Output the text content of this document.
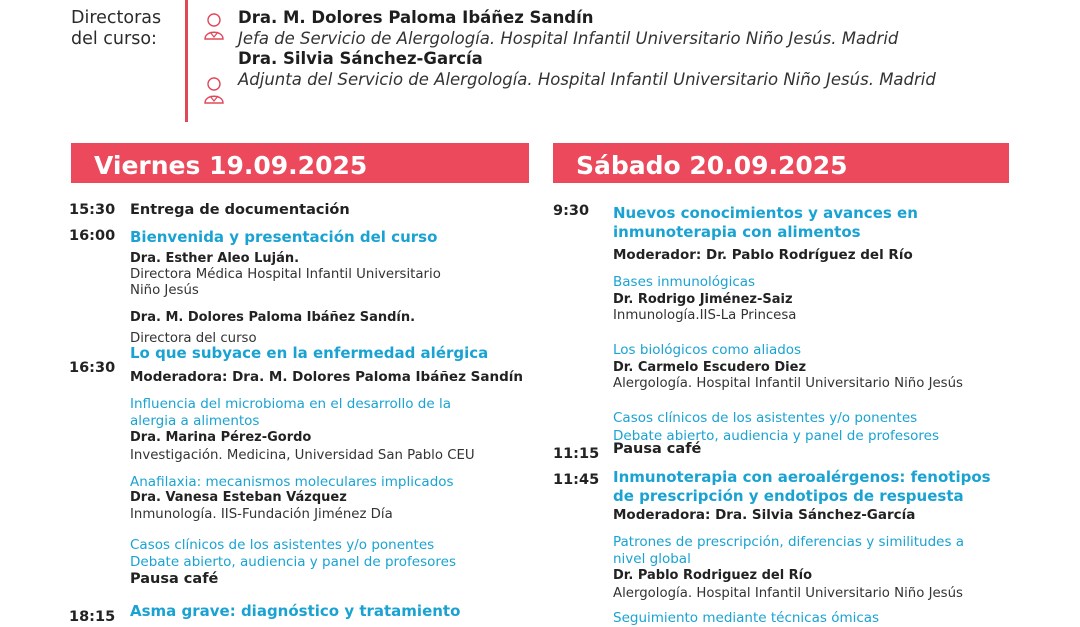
Directoras
del curso:
Dra. M. Dolores Paloma Ibáñez Sandín
Jefa de Servicio de Alergología. Hospital Infantil Universitario Niño Jesús. Madrid
Dra. Silvia Sánchez-García
Adjunta del Servicio de Alergología. Hospital Infantil Universitario Niño Jesús. Madrid
Viernes 19.09.2025
15:30 Entrega de documentación
16:00 Bienvenida y presentación del curso
Dra. Esther Aleo Luján.
Directora Médica Hospital Infantil Universitario
Niño Jesús
Dra. M. Dolores Paloma Ibáñez Sandín.
Directora del curso
Lo que subyace en la enfermedad alérgica
16:30
Moderadora: Dra. M. Dolores Paloma Ibáñez Sandín
Influencia del microbioma en el desarrollo de la
alergia a alimentos
Dra. Marina Pérez-Gordo
Investigación. Medicina, Universidad San Pablo CEU
Anafilaxia: mecanismos moleculares implicados
Dra. Vanesa Esteban Vázquez
Inmunología. IIS-Fundación Jiménez Día
Casos clínicos de los asistentes y/o ponentes
Debate abierto, audiencia y panel de profesores
Pausa café
18:15 Asma grave: diagnóstico y tratamiento
Sábado 20.09.2025
9:30 Nuevos conocimientos y avances en
inmunoterapia con alimentos
Moderador: Dr. Pablo Rodríguez del Río
Bases inmunológicas
Dr. Rodrigo Jiménez-Saiz
Inmunología.IIS-La Princesa
Los biológicos como aliados
Dr. Carmelo Escudero Diez
Alergología. Hospital Infantil Universitario Niño Jesús
Casos clínicos de los asistentes y/o ponentes
Debate abierto, audiencia y panel de profesores
11:15 Pausa café
11:45 Inmunoterapia con aeroalérgenos: fenotipos
de prescripción y endotipos de respuesta
Moderadora: Dra. Silvia Sánchez-García
Patrones de prescripción, diferencias y similitudes a
nivel global
Dr. Pablo Rodriguez del Río
Alergología. Hospital Infantil Universitario Niño Jesús
Seguimiento mediante técnicas ómicas
